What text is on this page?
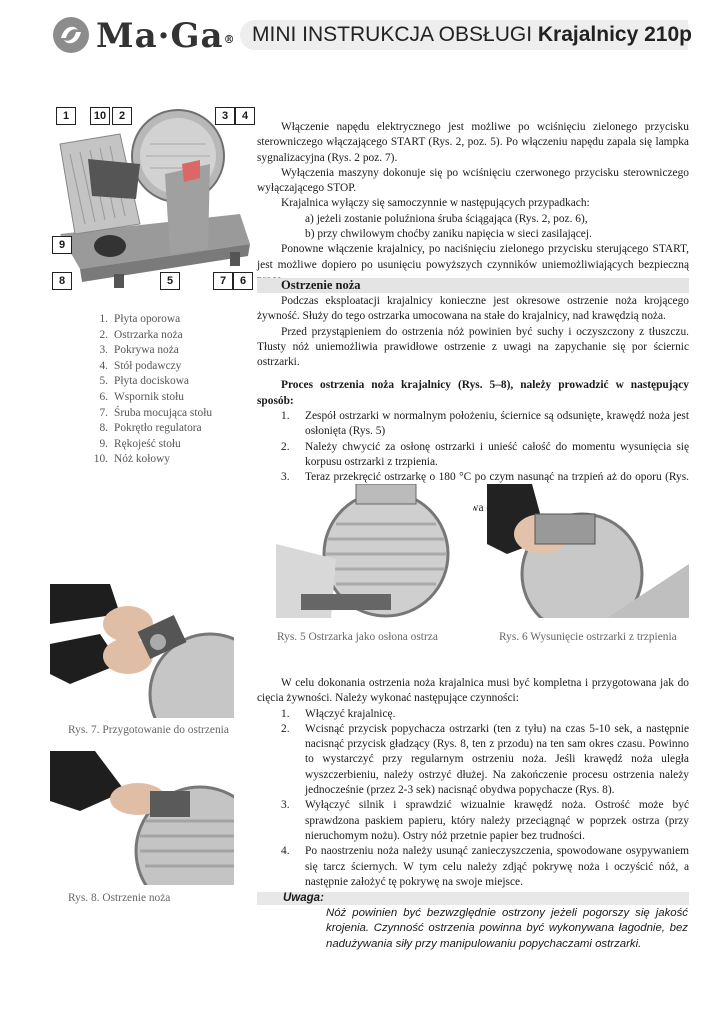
Ma·Ga® MINI INSTRUKCJA OBSŁUGI Krajalnicy 210p
1	10	2	3	4
9
8	5	7	6
1. Płyta oporowa
2. Ostrzarka noża
3. Pokrywa noża
4. Stół podawczy
5. Płyta dociskowa
6. Wspornik stołu
7. Śruba mocująca stołu
8. Pokrętło regulatora
9. Rękojeść stołu
10. Nóż kołowy

Włączenie napędu elektrycznego jest możliwe po wciśnięciu zielonego przycisku sterowniczego włączającego START (Rys. 2, poz. 5). Po włączeniu napędu zapala się lampka sygnalizacyjna (Rys. 2 poz. 7).

Wyłączenia maszyny dokonuje się po wciśnięciu czerwonego przycisku sterowniczego wyłączającego STOP.

Krajalnica wyłączy się samoczynnie w następujących przypadkach:

a) jeżeli zostanie poluźniona śruba ściągająca (Rys. 2, poz. 6),

b) przy chwilowym choćby zaniku napięcia w sieci zasilającej.

Ponowne włączenie krajalnicy, po naciśnięciu zielonego przycisku sterującego START, jest możliwe dopiero po usunięciu powyższych czynników uniemożliwiających bezpieczną

Ostrzenie noża

Podczas eksploatacji krajalnicy konieczne jest okresowe ostrzenie noża krojącego żywność. Służy do tego ostrzarka umocowana na stałe do krajalnicy, nad krawędzią noża.

Przed przystąpieniem do ostrzenia nóż powinien być suchy i oczyszczony z tłuszczu. Tłusty nóż uniemożliwia prawidłowe ostrzenie z uwagi na zapychanie się por ściernic ostrzarki.

Proces ostrzenia noża krajalnicy (Rys. 5–8), należy prowadzić w następujący sposób:

1.	Zespół ostrzarki w normalnym położeniu, ściernice są odsunięte, krawędź noża jest osłonięta (Rys. 5)
2.	Należy chwycić za osłonę ostrzarki i unieść całość do momentu wysunięcia się korpusu ostrzarki z trzpienia.
3.	Teraz przekręcić ostrzarkę o 180 °C po czym nasunąć na trzpień aż do oporu (Rys.
Rys. 5 Ostrzarka jako osłona ostrza	Rys. 6 Wysunięcie ostrzarki z trzpienia
Rys. 7. Przygotowanie do ostrzenia

W celu dokonania ostrzenia noża krajalnica musi być kompletna i przygotowana jak do cięcia żywności. Należy wykonać następujące czynności:

1.	Włączyć krajalnicę.
2.	Wcisnąć przycisk popychacza ostrzarki (ten z tyłu) na czas 5-10 sek, a następnie nacisnąć przycisk gładzący (Rys. 8, ten z przodu) na ten sam okres czasu. Powinno to wystarczyć przy regularnym ostrzeniu noża. Jeśli krawędź noża uległa wyszczerbieniu, należy ostrzyć dłużej. Na zakończenie procesu ostrzenia należy jednocześnie (przez 2-3 sek) nacisnąć obydwa popychacze (Rys. 8).
3.	Wyłączyć silnik i sprawdzić wizualnie krawędź noża. Ostrość może być sprawdzona paskiem papieru, który należy przeciągnąć w poprzek ostrza (przy nieruchomym nożu). Ostry nóż przetnie papier bez trudności.
4.	Po naostrzeniu noża należy usunąć zanieczyszczenia, spowodowane osypywaniem się tarcz ściernych. W tym celu należy zdjąć pokrywę noża i oczyścić nóż, a następnie założyć tę pokrywę na swoje miejsce.
Rys. 8. Ostrzenie noża	Uwaga:
Nóż powinien być bezwzględnie ostrzony jeżeli pogorszy się jakość krojenia. Czynność ostrzenia powinna być wykonywana łagodnie, bez nadużywania siły przy manipulowaniu popychaczami ostrzarki.
